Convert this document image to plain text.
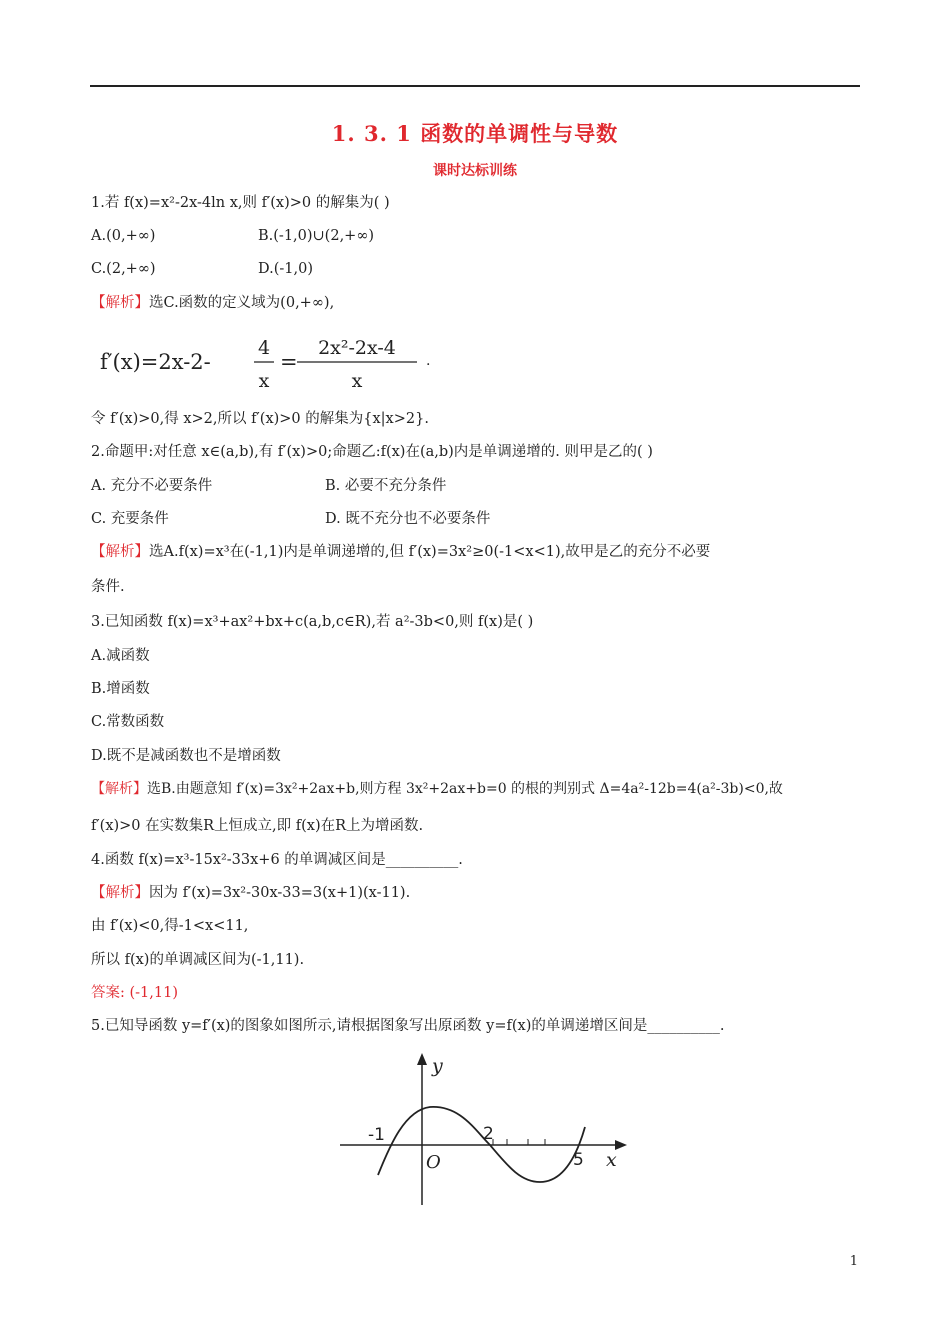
1. 3. 1 函数的单调性与导数
课时达标训练
1.若 f(x)=x²-2x-4ln x,则 f′(x)>0 的解集为( )
A.(0,+∞)	B.(-1,0)∪(2,+∞)
C.(2,+∞)	D.(-1,0)
【解析】选C.函数的定义域为(0,+∞),
f′(x)=2x-2-
4
x
=
2x²-2x-4
x
.
令 f′(x)>0,得 x>2,所以 f′(x)>0 的解集为{x|x>2}.
2.命题甲:对任意 x∈(a,b),有 f′(x)>0;命题乙:f(x)在(a,b)内是单调递增的. 则甲是乙的( )
A. 充分不必要条件	B. 必要不充分条件
C. 充要条件	D. 既不充分也不必要条件
【解析】选A.f(x)=x³在(-1,1)内是单调递增的,但 f′(x)=3x²≥0(-1<x<1),故甲是乙的充分不必要
条件.
3.已知函数 f(x)=x³+ax²+bx+c(a,b,c∈R),若 a²-3b<0,则 f(x)是( )
A.减函数
B.增函数
C.常数函数
D.既不是减函数也不是增函数
【解析】选B.由题意知 f′(x)=3x²+2ax+b,则方程 3x²+2ax+b=0 的根的判别式 Δ=4a²-12b=4(a²-3b)<0,故
f′(x)>0 在实数集R上恒成立,即 f(x)在R上为增函数.
4.函数 f(x)=x³-15x²-33x+6 的单调减区间是__________.
【解析】因为 f′(x)=3x²-30x-33=3(x+1)(x-11).
由 f′(x)<0,得-1<x<11,
所以 f(x)的单调减区间为(-1,11).
答案: (-1,11)
5.已知导函数 y=f′(x)的图象如图所示,请根据图象写出原函数 y=f(x)的单调递增区间是__________.
y
x
O
-1	2
5
1
